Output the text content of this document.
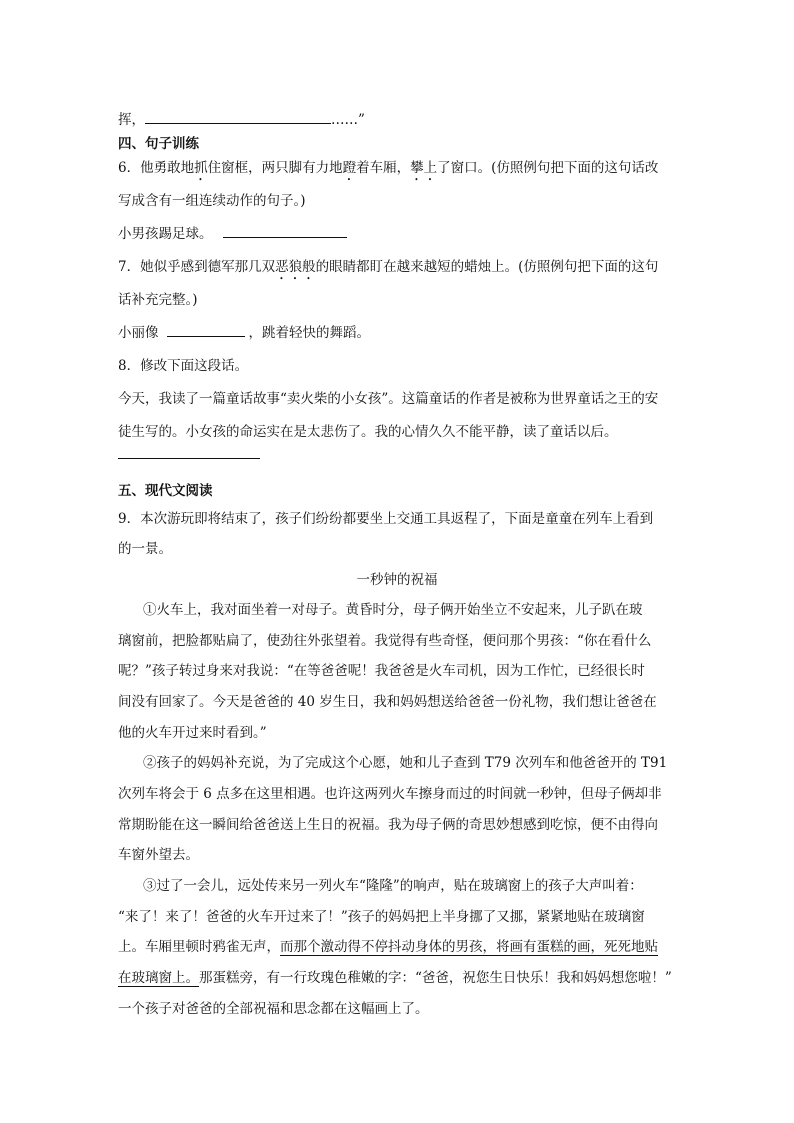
挥，	……”
四、句子训练
6．他勇敢地抓住窗框，两只脚有力地蹬着车厢，攀上了窗口。(仿照例句把下面的这句话改
写成含有一组连续动作的句子。)
小男孩踢足球。
7．她似乎感到德军那几双恶狼般的眼睛都盯在越来越短的蜡烛上。(仿照例句把下面的这句
话补充完整。)
小丽像	，跳着轻快的舞蹈。
8．修改下面这段话。
今天，我读了一篇童话故事“卖火柴的小女孩”。这篇童话的作者是被称为世界童话之王的安
徒生写的。小女孩的命运实在是太悲伤了。我的心情久久不能平静，读了童话以后。
五、现代文阅读
9．本次游玩即将结束了，孩子们纷纷都要坐上交通工具返程了，下面是童童在列车上看到
的一景。
一秒钟的祝福
①火车上，我对面坐着一对母子。黄昏时分，母子俩开始坐立不安起来，儿子趴在玻
璃窗前，把脸都贴扁了，使劲往外张望着。我觉得有些奇怪，便问那个男孩：“你在看什么
呢？”孩子转过身来对我说：“在等爸爸呢！我爸爸是火车司机，因为工作忙，已经很长时
间没有回家了。今天是爸爸的 40 岁生日，我和妈妈想送给爸爸一份礼物，我们想让爸爸在
他的火车开过来时看到。”
②孩子的妈妈补充说，为了完成这个心愿，她和儿子查到 T79 次列车和他爸爸开的 T91
次列车将会于 6 点多在这里相遇。也许这两列火车擦身而过的时间就一秒钟，但母子俩却非
常期盼能在这一瞬间给爸爸送上生日的祝福。我为母子俩的奇思妙想感到吃惊，便不由得向
车窗外望去。
③过了一会儿，远处传来另一列火车“隆隆”的响声，贴在玻璃窗上的孩子大声叫着：
“来了！来了！爸爸的火车开过来了！”孩子的妈妈把上半身挪了又挪，紧紧地贴在玻璃窗
上。车厢里顿时鸦雀无声，而那个激动得不停抖动身体的男孩，将画有蛋糕的画，死死地贴
在玻璃窗上。那蛋糕旁，有一行玫瑰色稚嫩的字：“爸爸，祝您生日快乐！我和妈妈想您啦！”
一个孩子对爸爸的全部祝福和思念都在这幅画上了。
